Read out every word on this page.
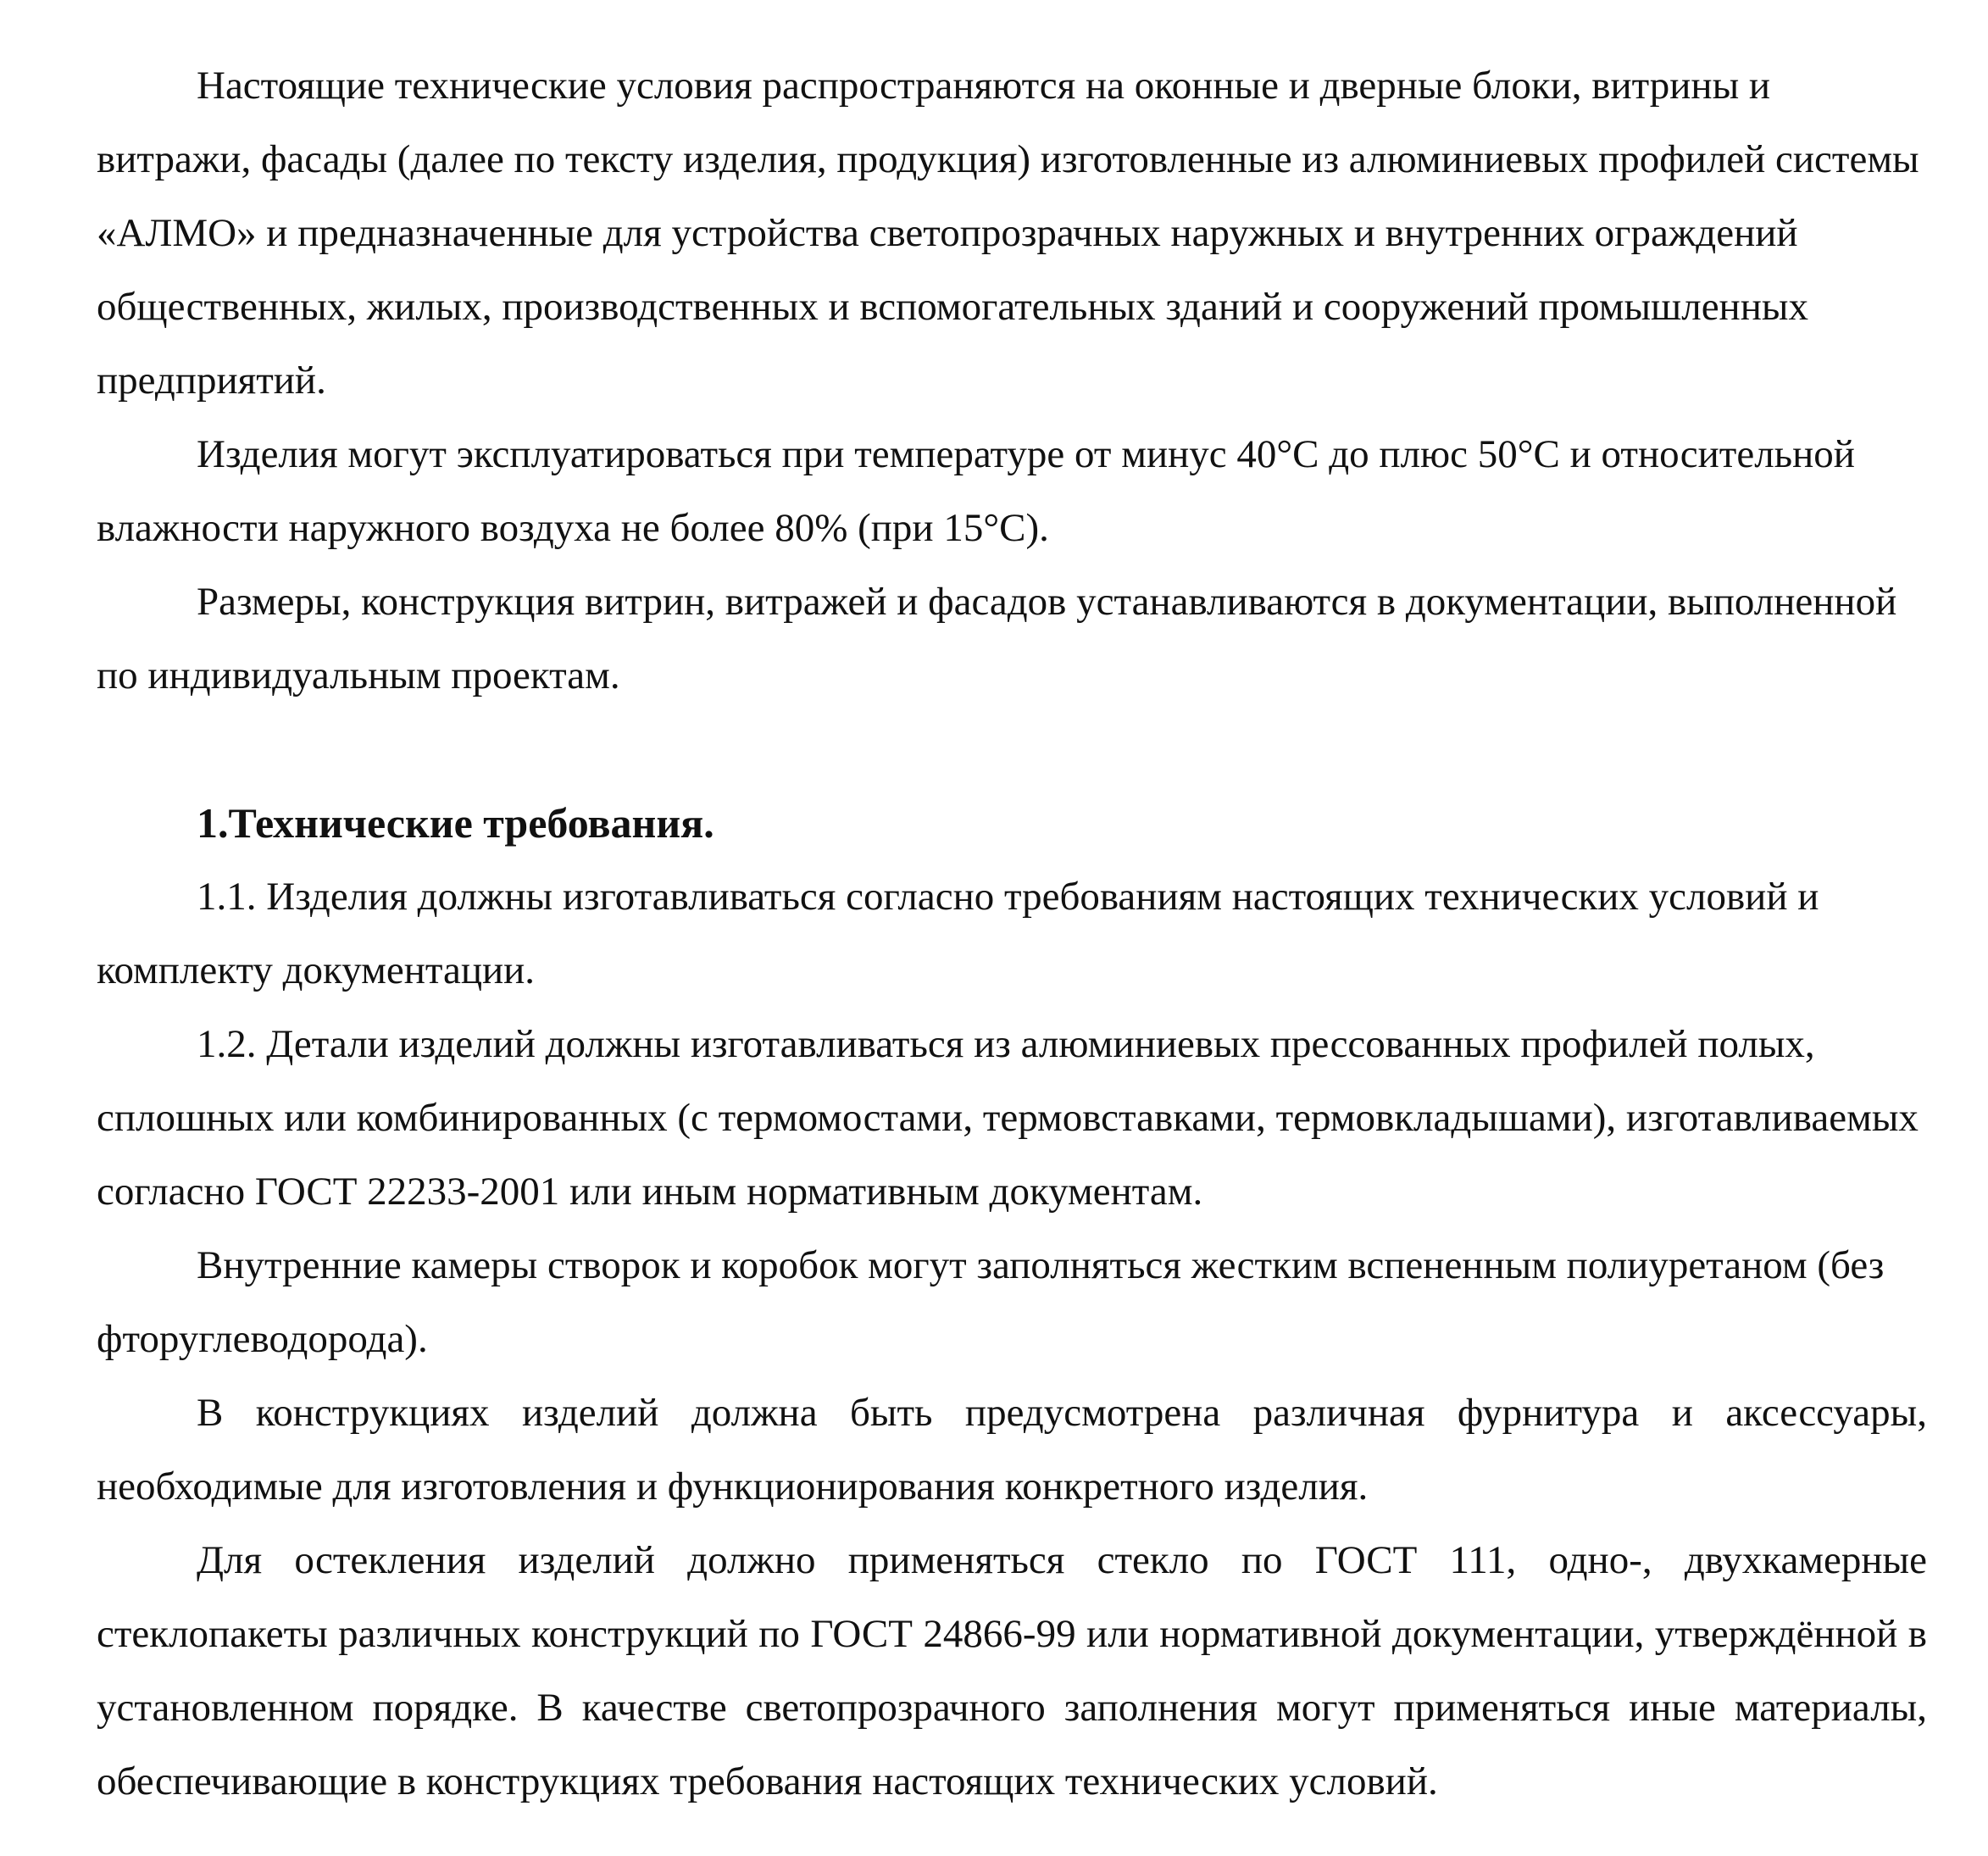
Настоящие технические условия распространяются на оконные и дверные блоки, витрины и витражи, фасады (далее по тексту изделия, продукция) изготовленные из алюминиевых профилей системы «АЛМО» и предназначенные для устройства светопрозрачных наружных и внутренних ограждений общественных, жилых, производственных и вспомогательных зданий и сооружений промышленных предприятий.

Изделия могут эксплуатироваться при температуре от минус 40°С до плюс 50°С и относительной влажности наружного воздуха не более 80% (при 15°С).

Размеры, конструкция витрин, витражей и фасадов устанавливаются в документации, выполненной по индивидуальным проектам.

1.Технические требования.

1.1. Изделия должны изготавливаться согласно требованиям настоящих технических условий и комплекту документации.

1.2. Детали изделий должны изготавливаться из алюминиевых прессованных профилей полых, сплошных или комбинированных (с термомостами, термовставками, термовкладышами), изготавливаемых согласно ГОСТ 22233-2001 или иным нормативным документам.

Внутренние камеры створок и коробок могут заполняться жестким вспененным полиуретаном (без фторуглеводорода).

В конструкциях изделий должна быть предусмотрена различная фурнитура и аксессуары, необходимые для изготовления и функционирования конкретного изделия.

Для остекления изделий должно применяться стекло по ГОСТ 111, одно-, двухкамерные стеклопакеты различных конструкций по ГОСТ 24866-99 или нормативной документации, утверждённой в установленном порядке. В качестве светопрозрачного заполнения могут применяться иные материалы, обеспечивающие в конструкциях требования настоящих технических условий.
